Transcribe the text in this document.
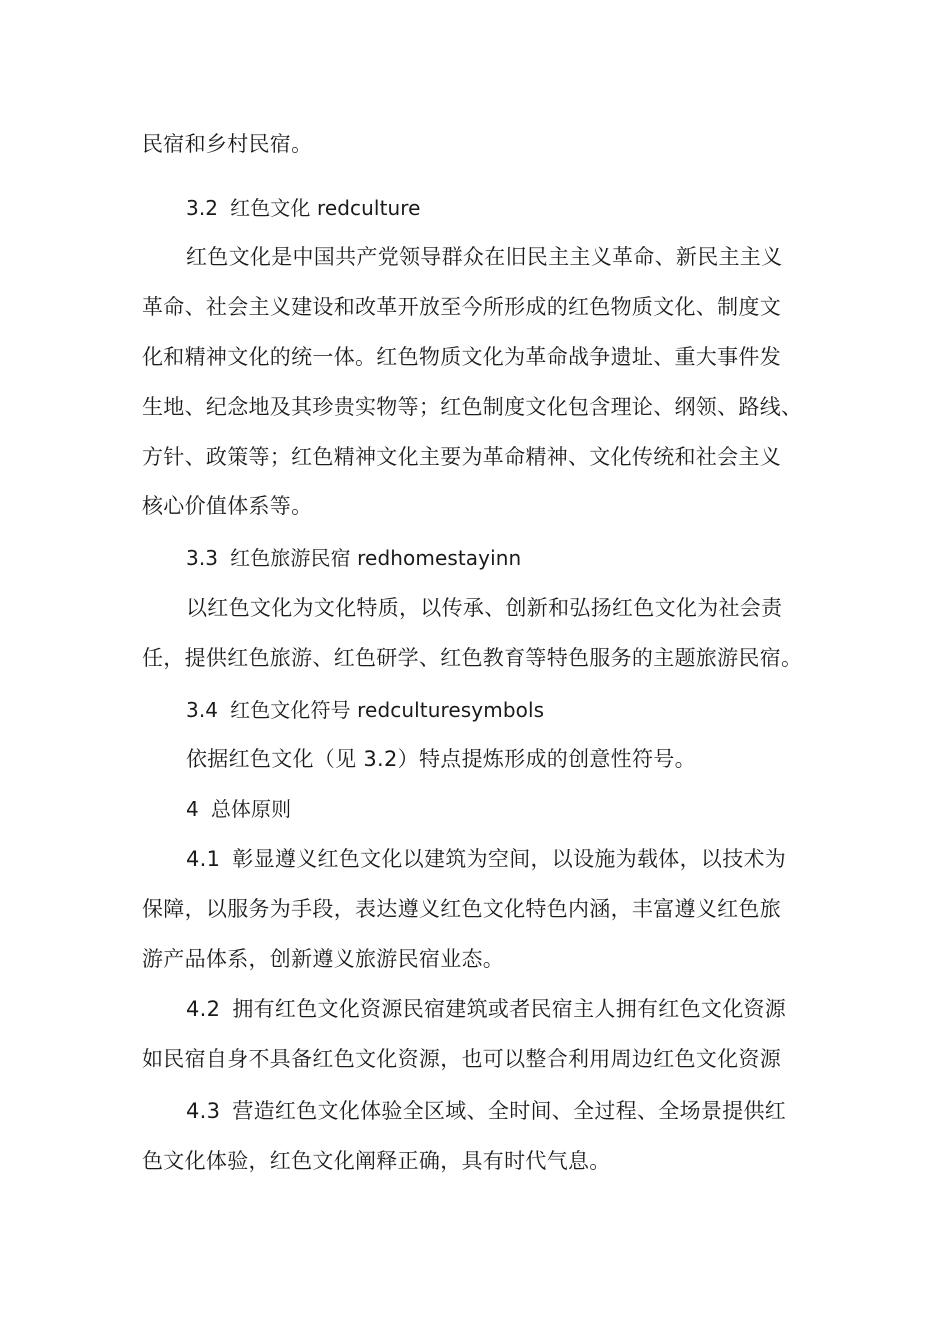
民宿和乡村民宿。
3.2 红色文化 redculture
红色文化是中国共产党领导群众在旧民主主义革命、新民主主义
革命、社会主义建设和改革开放至今所形成的红色物质文化、制度文
化和精神文化的统一体。红色物质文化为革命战争遗址、重大事件发
生地、纪念地及其珍贵实物等；红色制度文化包含理论、纲领、路线、
方针、政策等；红色精神文化主要为革命精神、文化传统和社会主义
核心价值体系等。
3.3 红色旅游民宿 redhomestayinn
以红色文化为文化特质，以传承、创新和弘扬红色文化为社会责
任，提供红色旅游、红色研学、红色教育等特色服务的主题旅游民宿。
3.4 红色文化符号 redculturesymbols
依据红色文化（见 3.2）特点提炼形成的创意性符号。
4 总体原则
4.1 彰显遵义红色文化以建筑为空间，以设施为载体，以技术为
保障，以服务为手段，表达遵义红色文化特色内涵，丰富遵义红色旅
游产品体系，创新遵义旅游民宿业态。
4.2 拥有红色文化资源民宿建筑或者民宿主人拥有红色文化资源
如民宿自身不具备红色文化资源，也可以整合利用周边红色文化资源
4.3 营造红色文化体验全区域、全时间、全过程、全场景提供红
色文化体验，红色文化阐释正确，具有时代气息。
